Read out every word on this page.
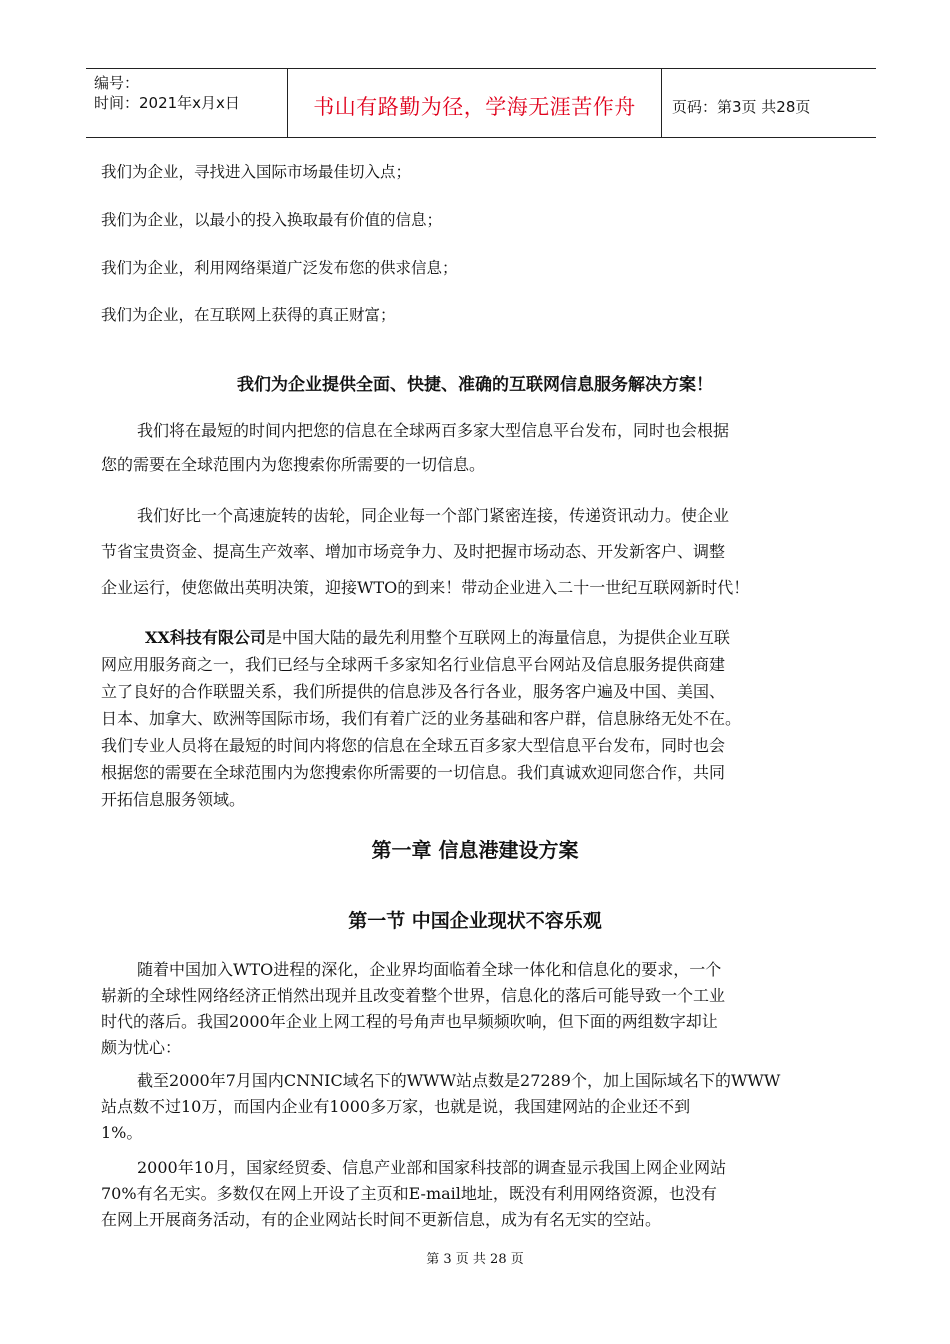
编号：
时间：2021年x月x日	书山有路勤为径，学海无涯苦作舟	页码：第3页 共28页
我们为企业，寻找进入国际市场最佳切入点；
我们为企业，以最小的投入换取最有价值的信息；
我们为企业，利用网络渠道广泛发布您的供求信息；
我们为企业，在互联网上获得的真正财富；
我们为企业提供全面、快捷、准确的互联网信息服务解决方案！

我们将在最短的时间内把您的信息在全球两百多家大型信息平台发布，同时也会根据

您的需要在全球范围内为您搜索你所需要的一切信息。

我们好比一个高速旋转的齿轮，同企业每一个部门紧密连接，传递资讯动力。使企业

节省宝贵资金、提高生产效率、增加市场竞争力、及时把握市场动态、开发新客户、调整

企业运行，使您做出英明决策，迎接WTO的到来！带动企业进入二十一世纪互联网新时代！

XX科技有限公司是中国大陆的最先利用整个互联网上的海量信息，为提供企业互联

网应用服务商之一，我们已经与全球两千多家知名行业信息平台网站及信息服务提供商建

立了良好的合作联盟关系，我们所提供的信息涉及各行各业，服务客户遍及中国、美国、

日本、加拿大、欧洲等国际市场，我们有着广泛的业务基础和客户群，信息脉络无处不在。

我们专业人员将在最短的时间内将您的信息在全球五百多家大型信息平台发布，同时也会

根据您的需要在全球范围内为您搜索你所需要的一切信息。我们真诚欢迎同您合作，共同

开拓信息服务领域。

第一章 信息港建设方案
第一节 中国企业现状不容乐观

随着中国加入WTO进程的深化，企业界均面临着全球一体化和信息化的要求，一个

崭新的全球性网络经济正悄然出现并且改变着整个世界，信息化的落后可能导致一个工业

时代的落后。我国2000年企业上网工程的号角声也早频频吹响，但下面的两组数字却让

颇为忧心：

截至2000年7月国内CNNIC域名下的WWW站点数是27289个，加上国际域名下的WWW

站点数不过10万，而国内企业有1000多万家，也就是说，我国建网站的企业还不到

1%。

2000年10月，国家经贸委、信息产业部和国家科技部的调查显示我国上网企业网站

70%有名无实。多数仅在网上开设了主页和E-mail地址，既没有利用网络资源，也没有

在网上开展商务活动，有的企业网站长时间不更新信息，成为有名无实的空站。

第 3 页 共 28 页
